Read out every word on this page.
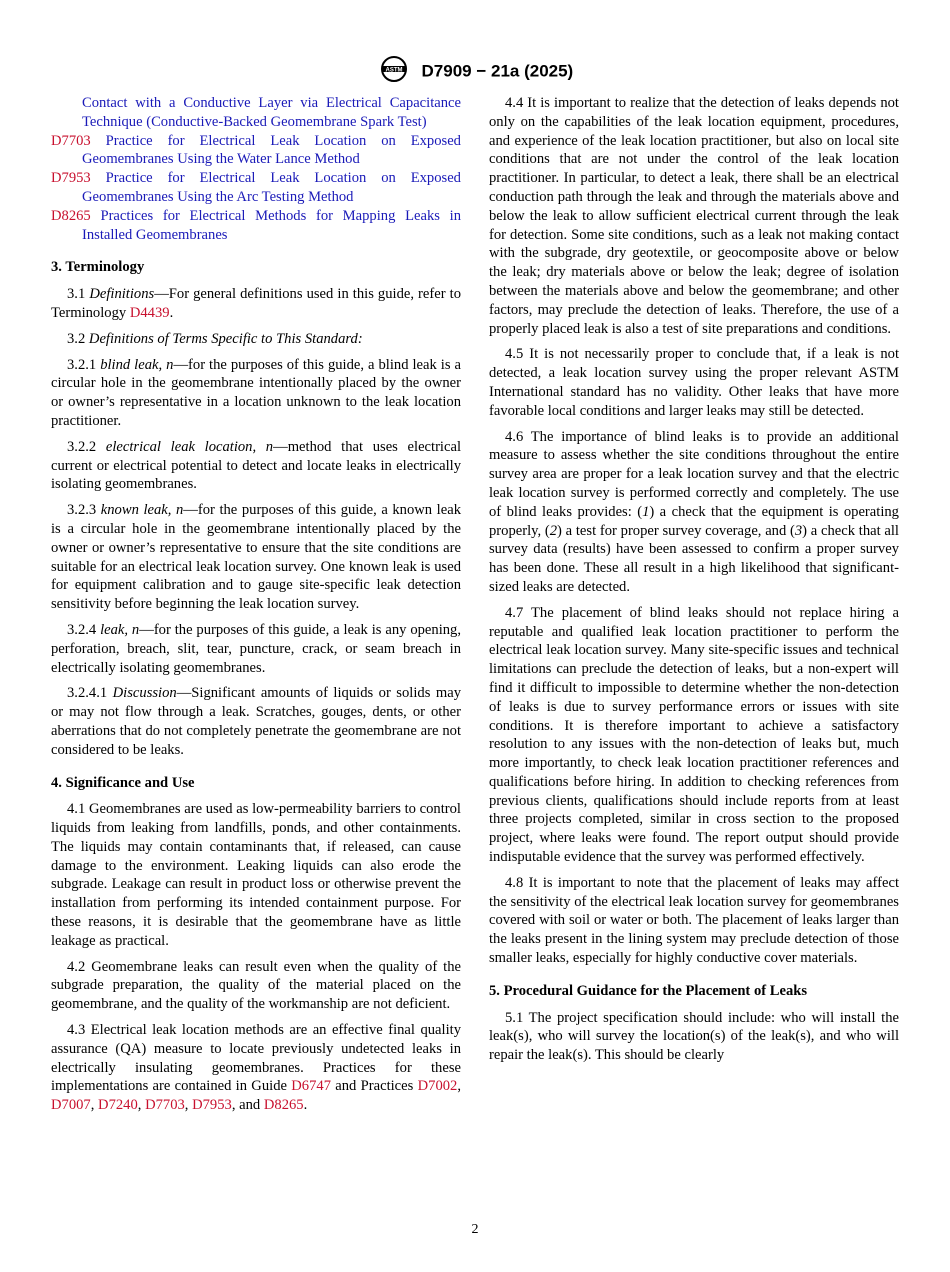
ASTM D7909 − 21a (2025)
Contact with a Conductive Layer via Electrical Capacitance Technique (Conductive-Backed Geomembrane Spark Test)
D7703 Practice for Electrical Leak Location on Exposed Geomembranes Using the Water Lance Method
D7953 Practice for Electrical Leak Location on Exposed Geomembranes Using the Arc Testing Method
D8265 Practices for Electrical Methods for Mapping Leaks in Installed Geomembranes
3. Terminology

3.1 Definitions—For general definitions used in this guide, refer to Terminology D4439.

3.2 Definitions of Terms Specific to This Standard:

3.2.1 blind leak, n—for the purposes of this guide, a blind leak is a circular hole in the geomembrane intentionally placed by the owner or owner’s representative in a location unknown to the leak location practitioner.

3.2.2 electrical leak location, n—method that uses electrical current or electrical potential to detect and locate leaks in electrically isolating geomembranes.

3.2.3 known leak, n—for the purposes of this guide, a known leak is a circular hole in the geomembrane intentionally placed by the owner or owner’s representative to ensure that the site conditions are suitable for an electrical leak location survey. One known leak is used for equipment calibration and to gauge site-specific leak detection sensitivity before beginning the leak location survey.

3.2.4 leak, n—for the purposes of this guide, a leak is any opening, perforation, breach, slit, tear, puncture, crack, or seam breach in electrically isolating geomembranes.

3.2.4.1 Discussion—Significant amounts of liquids or solids may or may not flow through a leak. Scratches, gouges, dents, or other aberrations that do not completely penetrate the geomembrane are not considered to be leaks.

4. Significance and Use

4.1 Geomembranes are used as low-permeability barriers to control liquids from leaking from landfills, ponds, and other containments. The liquids may contain contaminants that, if released, can cause damage to the environment. Leaking liquids can also erode the subgrade. Leakage can result in product loss or otherwise prevent the installation from performing its intended containment purpose. For these reasons, it is desirable that the geomembrane have as little leakage as practical.

4.2 Geomembrane leaks can result even when the quality of the subgrade preparation, the quality of the material placed on the geomembrane, and the quality of the workmanship are not deficient.

4.3 Electrical leak location methods are an effective final quality assurance (QA) measure to locate previously undetected leaks in electrically insulating geomembranes. Practices for these implementations are contained in Guide D6747 and Practices D7002, D7007, D7240, D7703, D7953, and D8265.

4.4 It is important to realize that the detection of leaks depends not only on the capabilities of the leak location equipment, procedures, and experience of the leak location practitioner, but also on local site conditions that are not under the control of the leak location practitioner. In particular, to detect a leak, there shall be an electrical conduction path through the leak and through the materials above and below the leak to allow sufficient electrical current through the leak for detection. Some site conditions, such as a leak not making contact with the subgrade, dry geotextile, or geocomposite above or below the leak; dry materials above or below the leak; degree of isolation between the materials above and below the geomembrane; and other factors, may preclude the detection of leaks. Therefore, the use of a properly placed leak is also a test of site preparations and conditions.

4.5 It is not necessarily proper to conclude that, if a leak is not detected, a leak location survey using the proper relevant ASTM International standard has no validity. Other leaks that have more favorable local conditions and larger leaks may still be detected.

4.6 The importance of blind leaks is to provide an additional measure to assess whether the site conditions throughout the entire survey area are proper for a leak location survey and that the electric leak location survey is performed correctly and completely. The use of blind leaks provides: (1) a check that the equipment is operating properly, (2) a test for proper survey coverage, and (3) a check that all survey data (results) have been assessed to confirm a proper survey has been done. These all result in a high likelihood that significant-sized leaks are detected.

4.7 The placement of blind leaks should not replace hiring a reputable and qualified leak location practitioner to perform the electrical leak location survey. Many site-specific issues and technical limitations can preclude the detection of leaks, but a non-expert will find it difficult to impossible to determine whether the non-detection of leaks is due to survey performance errors or issues with site conditions. It is therefore important to achieve a satisfactory resolution to any issues with the non-detection of leaks but, much more importantly, to check leak location practitioner references and qualifications before hiring. In addition to checking references from previous clients, qualifications should include reports from at least three projects completed, similar in cross section to the proposed project, where leaks were found. The report output should provide indisputable evidence that the survey was performed effectively.

4.8 It is important to note that the placement of leaks may affect the sensitivity of the electrical leak location survey for geomembranes covered with soil or water or both. The placement of leaks larger than the leaks present in the lining system may preclude detection of those smaller leaks, especially for highly conductive cover materials.

5. Procedural Guidance for the Placement of Leaks

5.1 The project specification should include: who will install the leak(s), who will survey the location(s) of the leak(s), and who will repair the leak(s). This should be clearly

2
